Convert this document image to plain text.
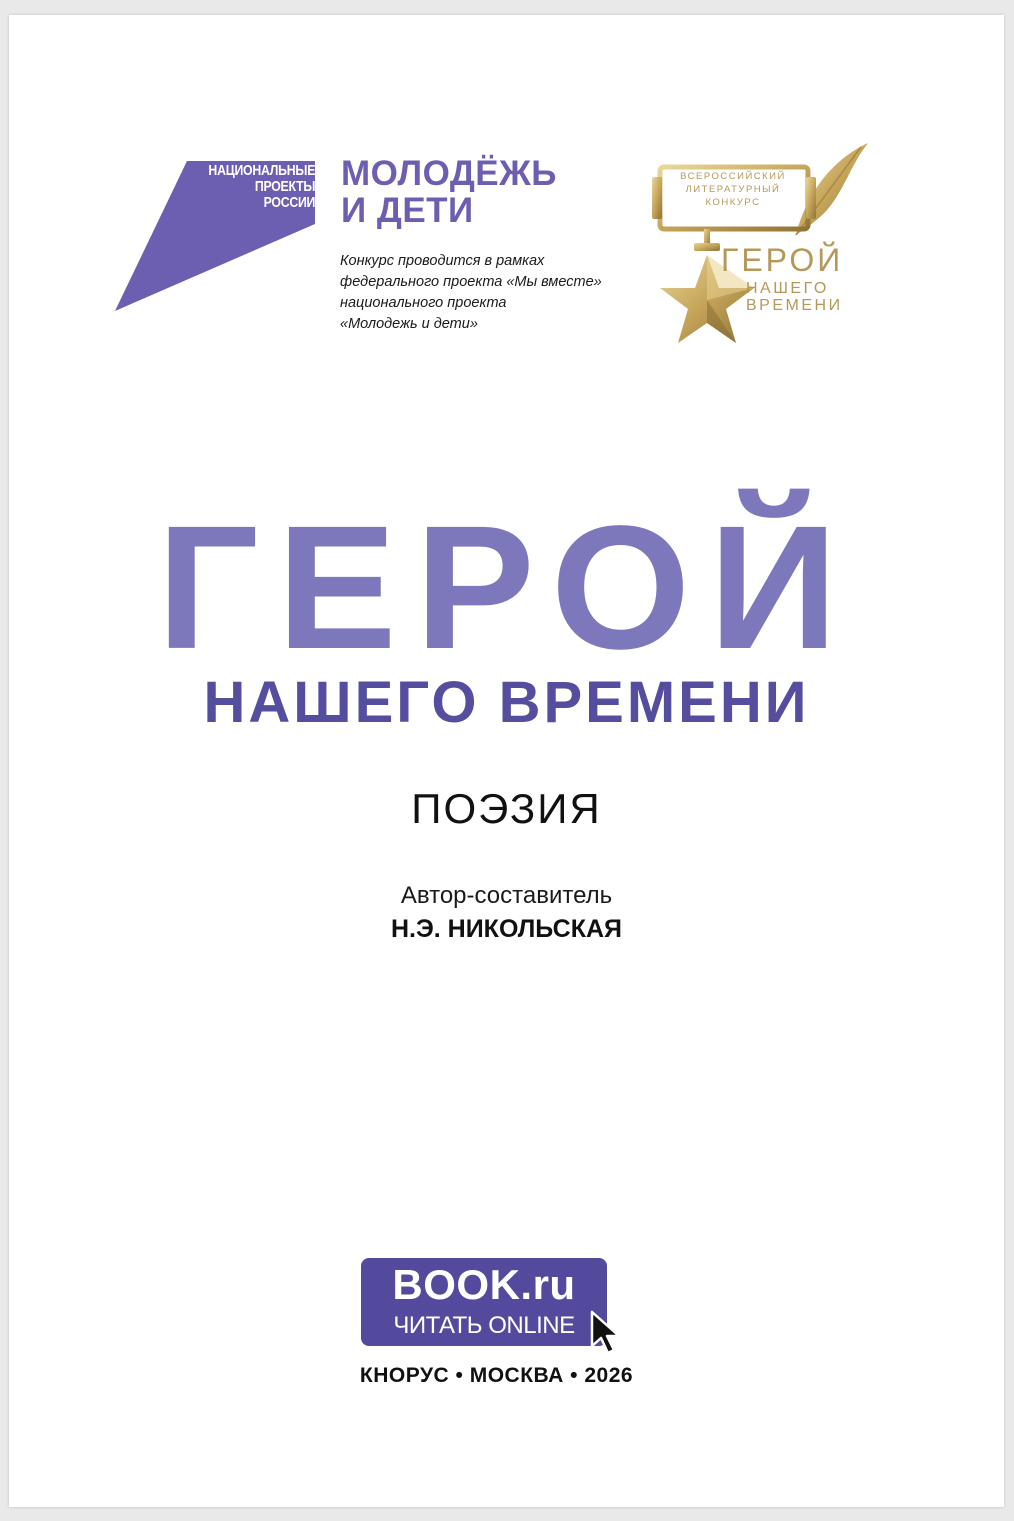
НАЦИОНАЛЬНЫЕ
ПРОЕКТЫ
РОССИИ
МОЛОДЁЖЬ
И ДЕТИ
Конкурс проводится в рамках
федерального проекта «Мы вместе»
национального проекта
«Молодежь и дети»
ВСЕРОССИЙСКИЙ
ЛИТЕРАТУРНЫЙ
КОНКУРС
ГЕРОЙ
НАШЕГО
ВРЕМЕНИ
ГЕРОЙ
НАШЕГО ВРЕМЕНИ
ПОЭЗИЯ
Автор-составитель
Н.Э. НИКОЛЬСКАЯ
BOOK.ru
ЧИТАТЬ ONLINE
КНОРУС • МОСКВА • 2026
